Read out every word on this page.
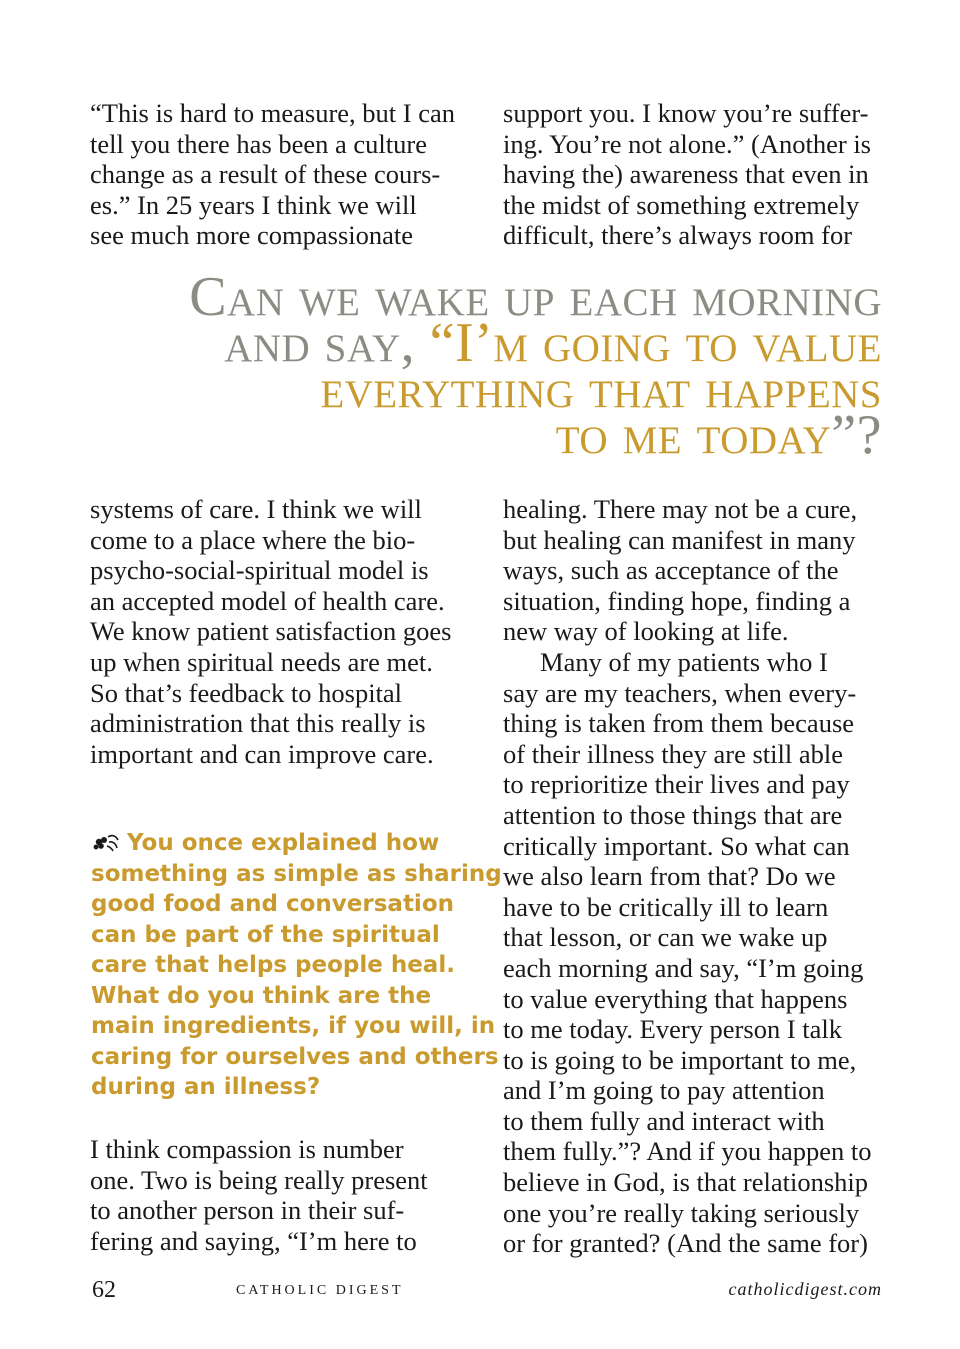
“This is hard to measure, but I can
tell you there has been a culture
change as a result of these cours-
es.” In 25 years I think we will
see much more compassionate
support you. I know you’re suffer-
ing. You’re not alone.” (Another is
having the) awareness that even in
the midst of something extremely
difficult, there’s always room for
Can we wake up each morning
and say, “I’m going to value
everything that happens
to me today”?
systems of care. I think we will
come to a place where the bio-
psycho-social-spiritual model is
an accepted model of health care.
We know patient satisfaction goes
up when spiritual needs are met.
So that’s feedback to hospital
administration that this really is
important and can improve care.
You once explained how
something as simple as sharing
good food and conversation
can be part of the spiritual
care that helps people heal.
What do you think are the
main ingredients, if you will, in
caring for ourselves and others
during an illness?
I think compassion is number
one. Two is being really present
to another person in their suf-
fering and saying, “I’m here to
healing. There may not be a cure,
but healing can manifest in many
ways, such as acceptance of the
situation, finding hope, finding a
new way of looking at life.
Many of my patients who I
say are my teachers, when every-
thing is taken from them because
of their illness they are still able
to reprioritize their lives and pay
attention to those things that are
critically important. So what can
we also learn from that? Do we
have to be critically ill to learn
that lesson, or can we wake up
each morning and say, “I’m going
to value everything that happens
to me today. Every person I talk
to is going to be important to me,
and I’m going to pay attention
to them fully and interact with
them fully.”? And if you happen to
believe in God, is that relationship
one you’re really taking seriously
or for granted? (And the same for)
62	CATHOLIC DIGEST	catholicdigest.com
